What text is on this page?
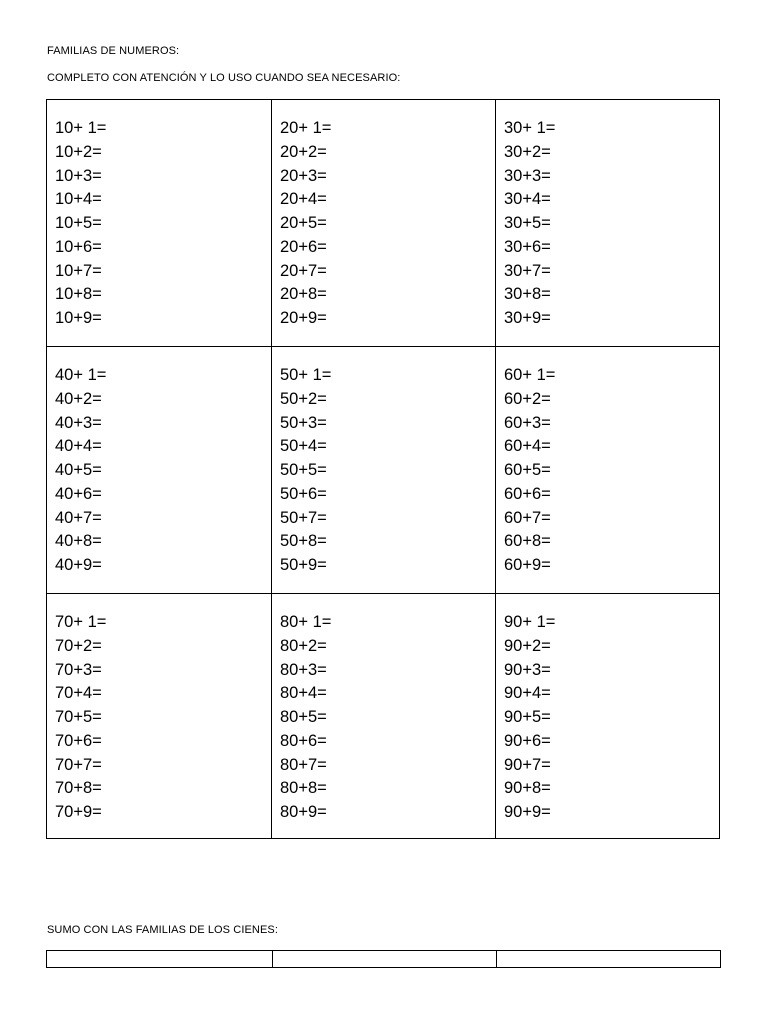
FAMILIAS DE NUMEROS:
COMPLETO CON ATENCIÓN Y LO USO CUANDO SEA NECESARIO:
10+ 1=
10+2=
10+3=
10+4=
10+5=
10+6=
10+7=
10+8=
10+9=
20+ 1=
20+2=
20+3=
20+4=
20+5=
20+6=
20+7=
20+8=
20+9=
30+ 1=
30+2=
30+3=
30+4=
30+5=
30+6=
30+7=
30+8=
30+9=
40+ 1=
40+2=
40+3=
40+4=
40+5=
40+6=
40+7=
40+8=
40+9=
50+ 1=
50+2=
50+3=
50+4=
50+5=
50+6=
50+7=
50+8=
50+9=
60+ 1=
60+2=
60+3=
60+4=
60+5=
60+6=
60+7=
60+8=
60+9=
70+ 1=
70+2=
70+3=
70+4=
70+5=
70+6=
70+7=
70+8=
70+9=
80+ 1=
80+2=
80+3=
80+4=
80+5=
80+6=
80+7=
80+8=
80+9=
90+ 1=
90+2=
90+3=
90+4=
90+5=
90+6=
90+7=
90+8=
90+9=
SUMO CON LAS FAMILIAS DE LOS CIENES:
